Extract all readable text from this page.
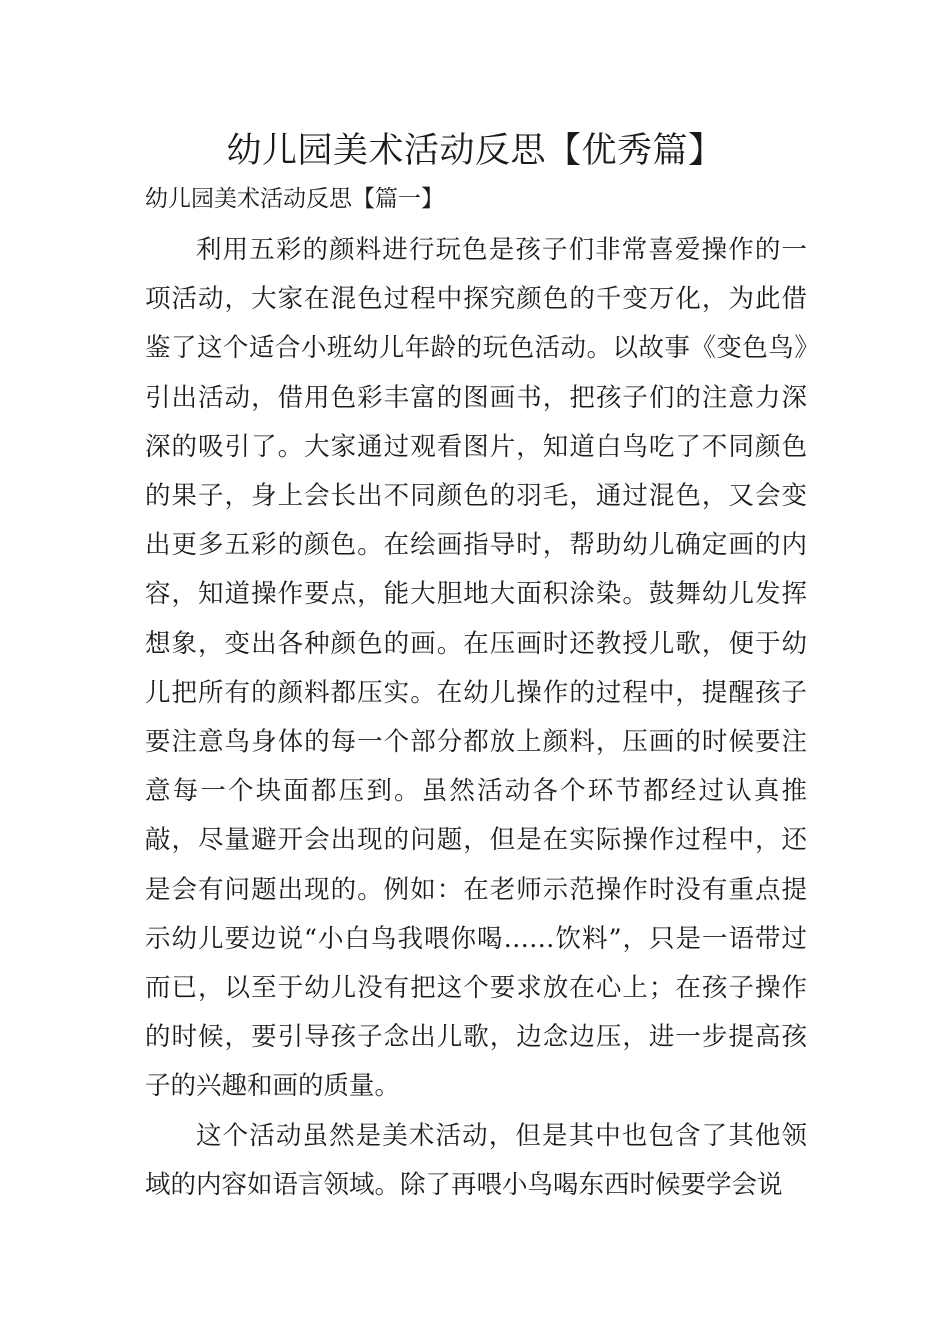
幼儿园美术活动反思【优秀篇】
幼儿园美术活动反思【篇一】

利用五彩的颜料进行玩色是孩子们非常喜爱操作的一项活动，大家在混色过程中探究颜色的千变万化，为此借鉴了这个适合小班幼儿年龄的玩色活动。以故事《变色鸟》引出活动，借用色彩丰富的图画书，把孩子们的注意力深深的吸引了。大家通过观看图片，知道白鸟吃了不同颜色的果子，身上会长出不同颜色的羽毛，通过混色，又会变出更多五彩的颜色。在绘画指导时，帮助幼儿确定画的内容，知道操作要点，能大胆地大面积涂染。鼓舞幼儿发挥想象，变出各种颜色的画。在压画时还教授儿歌，便于幼儿把所有的颜料都压实。在幼儿操作的过程中，提醒孩子要注意鸟身体的每一个部分都放上颜料，压画的时候要注意每一个块面都压到。虽然活动各个环节都经过认真推敲，尽量避开会出现的问题，但是在实际操作过程中，还是会有问题出现的。例如：在老师示范操作时没有重点提示幼儿要边说“小白鸟我喂你喝……饮料”，只是一语带过而已，以至于幼儿没有把这个要求放在心上；在孩子操作的时候，要引导孩子念出儿歌，边念边压，进一步提高孩子的兴趣和画的质量。

这个活动虽然是美术活动，但是其中也包含了其他领域的内容如语言领域。除了再喂小鸟喝东西时候要学会说
